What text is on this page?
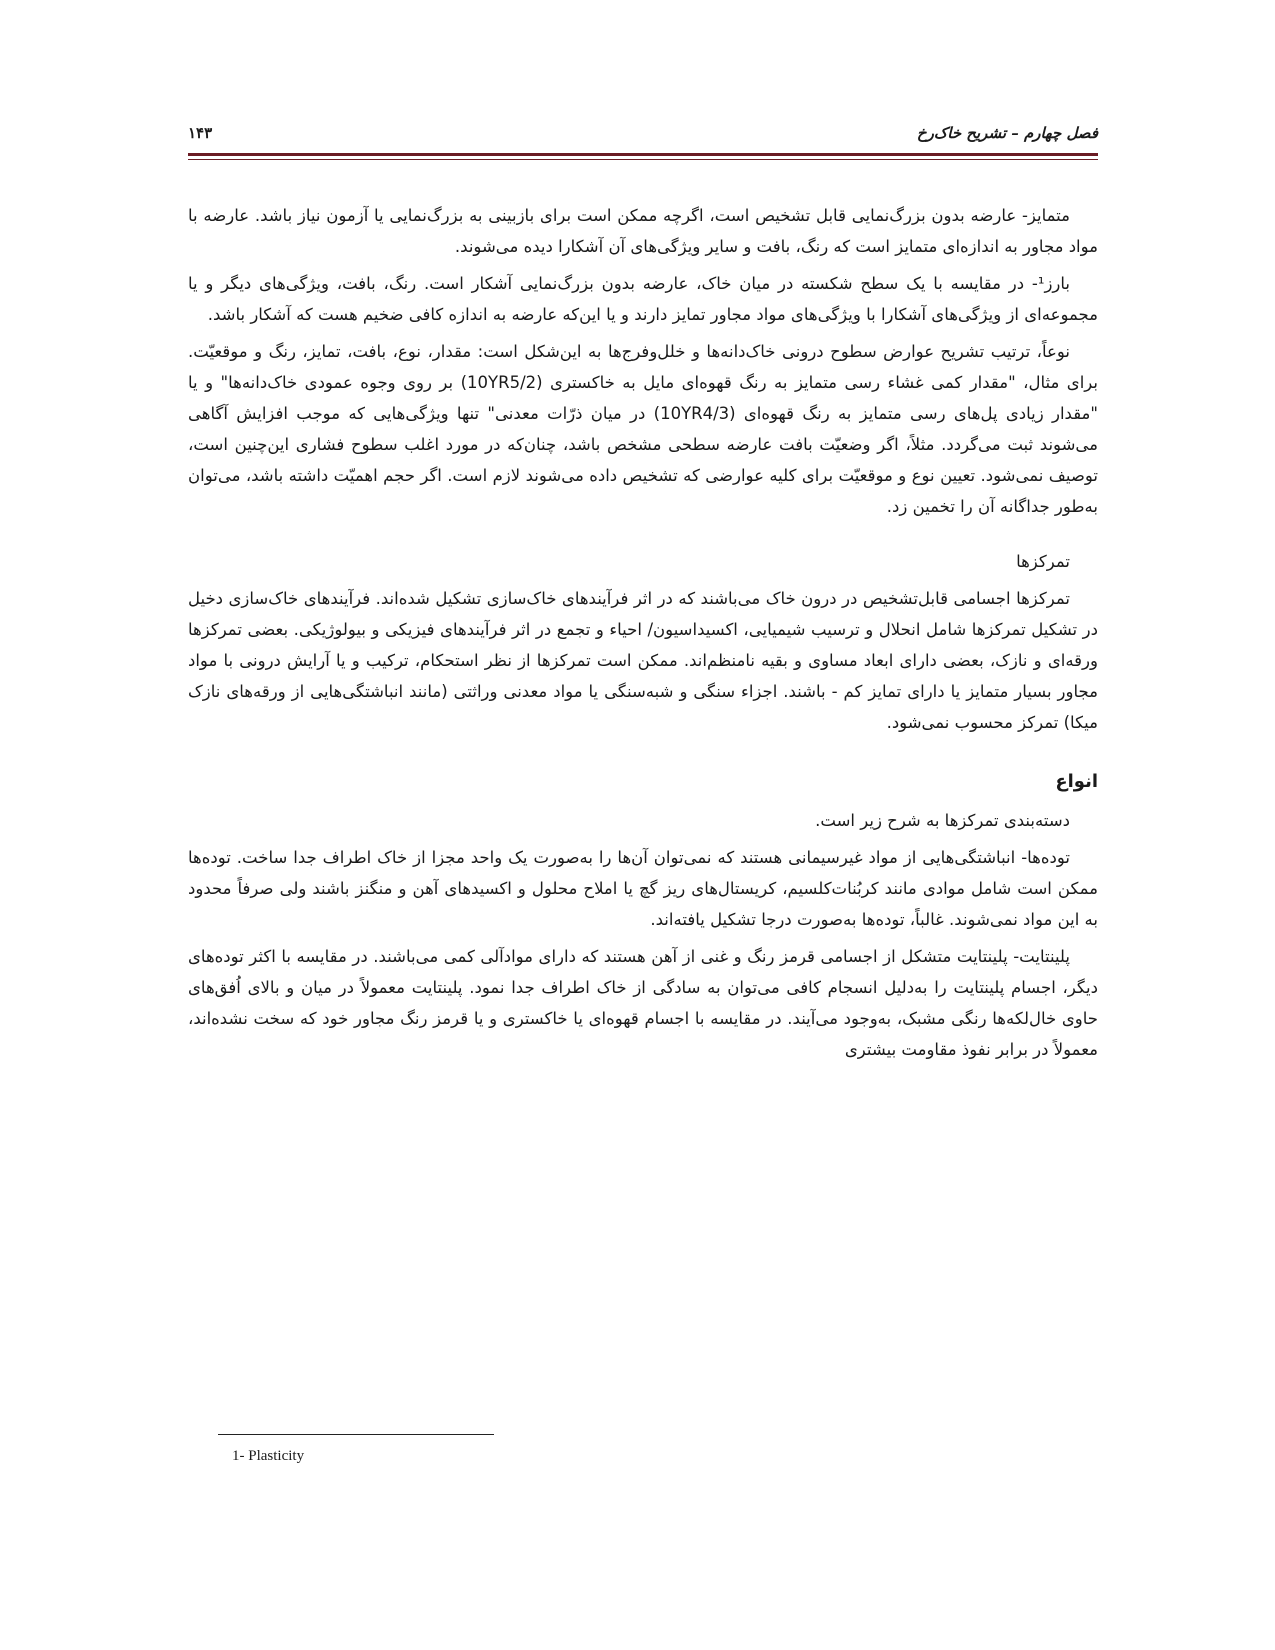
فصل چهارم – تشریح خاک‌رخ
۱۴۳

متمایز- عارضه بدون بزرگ‌نمایی قابل تشخیص است، اگرچه ممکن است برای بازبینی به بزرگ‌نمایی یا آزمون نیاز باشد. عارضه با مواد مجاور به اندازه‌ای متمایز است که رنگ، بافت و سایر ویژگی‌های آن آشکارا دیده می‌شوند.

بارز¹- در مقایسه با یک سطح شکسته در میان خاک، عارضه بدون بزرگ‌نمایی آشکار است. رنگ، بافت، ویژگی‌های دیگر و یا مجموعه‌ای از ویژگی‌های آشکارا با ویژگی‌های مواد مجاور تمایز دارند و یا این‌که عارضه به اندازه کافی ضخیم هست که آشکار باشد.

نوعاً، ترتیب تشریح عوارض سطوح درونی خاک‌دانه‌ها و خلل‌وفرج‌ها به این‌شکل است: مقدار، نوع، بافت، تمایز، رنگ و موقعیّت. برای مثال، "مقدار کمی غشاء رسی متمایز به رنگ قهوه‌ای مایل به خاکستری (10YR5/2) بر روی وجوه عمودی خاک‌دانه‌ها" و یا "مقدار زیادی پل‌های رسی متمایز به رنگ قهوه‌ای (10YR4/3) در میان ذرّات معدنی" تنها ویژگی‌هایی که موجب افزایش آگاهی می‌شوند ثبت می‌گردد. مثلاً، اگر وضعیّت بافت عارضه سطحی مشخص باشد، چنان‌که در مورد اغلب سطوح فشاری این‌چنین است، توصیف نمی‌شود. تعیین نوع و موقعیّت برای کلیه عوارضی که تشخیص داده می‌شوند لازم است. اگر حجم اهمیّت داشته باشد، می‌توان به‌طور جداگانه آن را تخمین زد.

تمرکزها

تمرکزها اجسامی قابل‌تشخیص در درون خاک می‌باشند که در اثر فرآیندهای خاک‌سازی تشکیل شده‌اند. فرآیندهای خاک‌سازی دخیل در تشکیل تمرکزها شامل انحلال و ترسیب شیمیایی، اکسیداسیون/ احیاء و تجمع در اثر فرآیندهای فیزیکی و بیولوژیکی. بعضی تمرکزها ورقه‌ای و نازک، بعضی دارای ابعاد مساوی و بقیه نامنظم‌اند. ممکن است تمرکزها از نظر استحکام، ترکیب و یا آرایش درونی با مواد مجاور بسیار متمایز یا دارای تمایز کم - باشند. اجزاء سنگی و شبه‌سنگی یا مواد معدنی وراثتی (مانند انباشتگی‌هایی از ورقه‌های نازک میکا) تمرکز محسوب نمی‌شود.

انواع

دسته‌بندی تمرکزها به شرح زیر است.

توده‌ها- انباشتگی‌هایی از مواد غیرسیمانی هستند که نمی‌توان آن‌ها را به‌صورت یک واحد مجزا از خاک اطراف جدا ساخت. توده‌ها ممکن است شامل موادی مانند کربُنات‌کلسیم، کریستال‌های ریز گچ یا املاح محلول و اکسیدهای آهن و منگنز باشند ولی صرفاً محدود به این مواد نمی‌شوند. غالباً، توده‌ها به‌صورت درجا تشکیل یافته‌اند.

پلینتایت- پلینتایت متشکل از اجسامی قرمز رنگ و غنی از آهن هستند که دارای موادآلی کمی می‌باشند. در مقایسه با اکثر توده‌های دیگر، اجسام پلینتایت را به‌دلیل انسجام کافی می‌توان به سادگی از خاک اطراف جدا نمود. پلینتایت معمولاً در میان و بالای اُفق‌های حاوی خال‌لکه‌ها رنگی مشبک، به‌وجود می‌آیند. در مقایسه با اجسام قهوه‌ای یا خاکستری و یا قرمز رنگ مجاور خود که سخت نشده‌اند، معمولاً در برابر نفوذ مقاومت بیشتری

1- Plasticity
